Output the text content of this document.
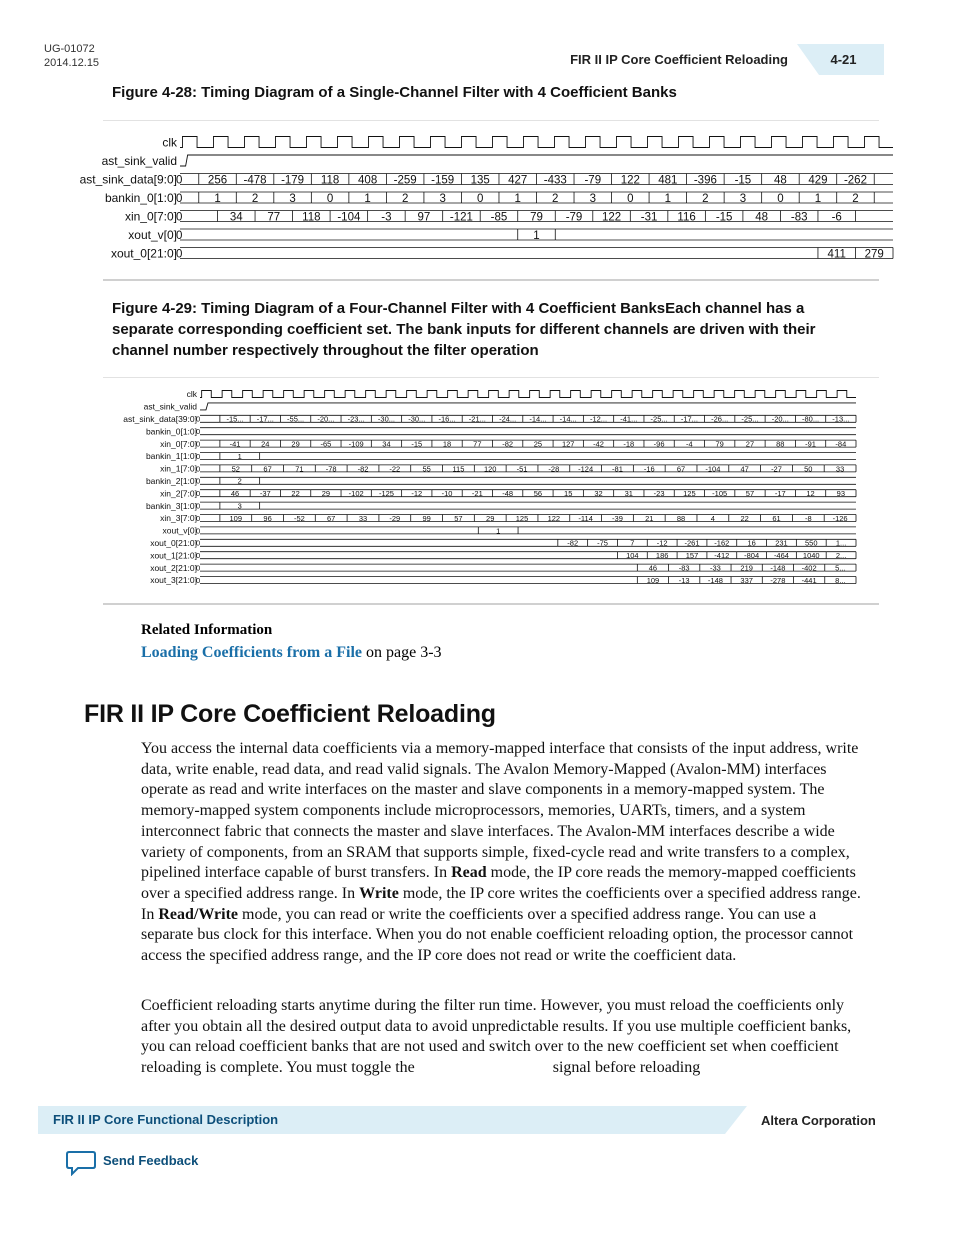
UG-01072
2014.12.15	FIR II IP Core Coefficient Reloading	4-21
Figure 4-28: Timing Diagram of a Single-Channel Filter with 4 Coefficient Banks
clk
ast_sink_valid
ast_sink_data[9:0] 0 256 -478 -179 118 408 -259 -159 135 427 -433 -79 122 481 -396 -15 48 429 -262
bankin_0[1:0] 0	1	2	3	0	1	2	3	0	1	2	3	0	1	2	3	0	1	2
xin_0[7:0] 0	34 77 118 -104 -3 97 -121 -85 79 -79 122 -31 116 -15 48 -83 -6
xout_v[0] 0	1
xout_0[21:0] 0	411 279
Figure 4-29: Timing Diagram of a Four-Channel Filter with 4 Coefficient BanksEach channel has a separate corresponding coefficient set. The bank inputs for different channels are driven with their channel number respectively throughout the filter operation
clk
ast_sink_valid
ast_sink_data[39:0] 0	-15... -17... -55... -20... -23... -30... -30... -16... -21... -24... -14... -14... -12... -41... -25... -17... -26... -25... -20... -80... -13...
bankin_0[1:0] 0
xin_0[7:0] 0	-41	24	29	-65 -109 34	-15	18	77	-82	25	127 -42	-18	-96	-4	79	27	88	-91	-84
bankin_1[1:0] 0	1
xin_1[7:0] 0	52	67	71	-78	-82	-22	55	115	120	-51	-28	-124	-81	-16	67	-104	47	-27	50	33
bankin_2[1:0] 0	2
xin_2[7:0] 0	46	-37	22	29 -102 -125 -12	-10	-21	-48	56	15	32	31	-23 125 -105 57	-17	12	93
bankin_3[1:0] 0	3
xin_3[7:0] 0	109	96	-52	67	33	-29	99	57	29	125	122 -114	-39	21	88	4	22	61	-8	-126
xout_v[0] 0	1
xout_0[21:0] 0	-82	-75	7	-12 -261 -162 16	231 550 1...
xout_1[21:0] 0	104 186 157 -412 -804 -464 1040 2...
xout_2[21:0] 0	46	-83	-33	219 -148 -402 5...
xout_3[21:0] 0	109	-13 -148 337 -278 -441 8...
Related Information
Loading Coefficients from a File on page 3-3
FIR II IP Core Coefficient Reloading

You access the internal data coefficients via a memory-mapped interface that consists of the input address, write data, write enable, read data, and read valid signals. The Avalon Memory-Mapped (Avalon-MM) interfaces operate as read and write interfaces on the master and slave components in a memory-mapped system. The memory-mapped system components include microprocessors, memories, UARTs, timers, and a system interconnect fabric that connects the master and slave interfaces. The Avalon-MM interfaces describe a wide variety of components, from an SRAM that supports simple, fixed-cycle read and write transfers to a complex, pipelined interface capable of burst transfers. In Read mode, the IP core reads the memory-mapped coefficients over a specified address range. In Write mode, the IP core writes the coefficients over a specified address range. In Read/Write mode, you can read or write the coefficients over a specified address range. You can use a separate bus clock for this interface. When you do not enable coefficient reloading option, the processor cannot access the specified address range, and the IP core does not read or write the coefficient data.

Coefficient reloading starts anytime during the filter run time. However, you must reload the coefficients only after you obtain all the desired output data to avoid unpredictable results. If you use multiple coefficient banks, you can reload coefficient banks that are not used and switch over to the new coefficient set when coefficient reloading is complete. You must toggle the	signal before reloading

FIR II IP Core Functional Description	Altera Corporation
Send Feedback
